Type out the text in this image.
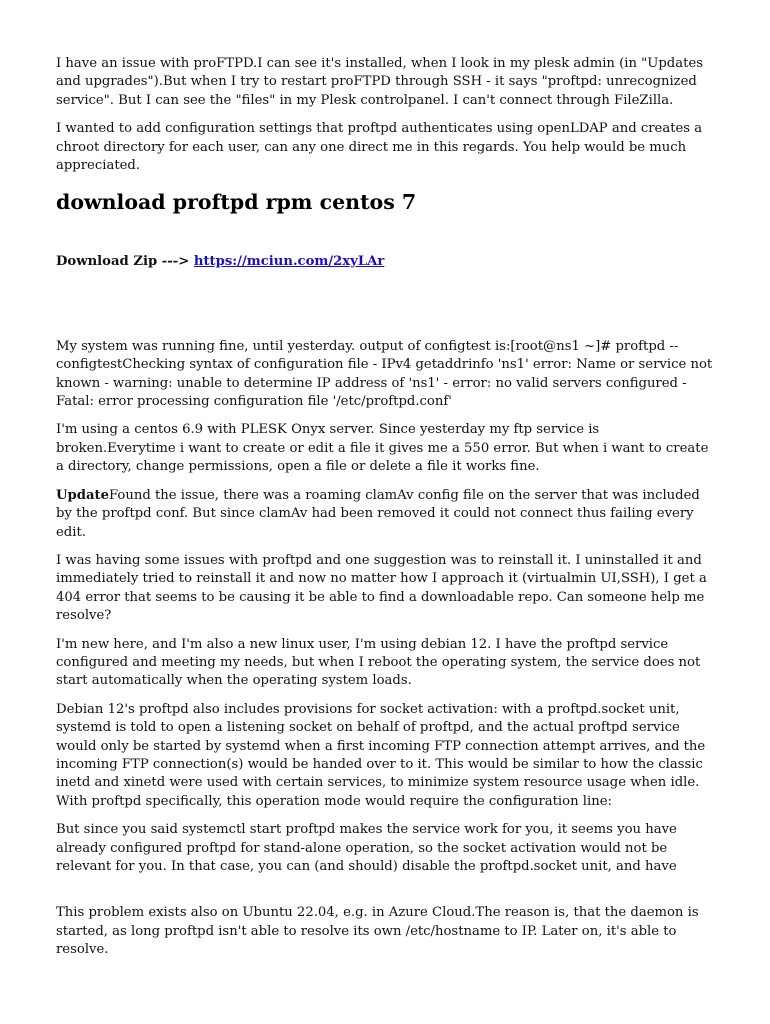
I have an issue with proFTPD.I can see it's installed, when I look in my plesk admin (in "Updates and upgrades").But when I try to restart proFTPD through SSH - it says "proftpd: unrecognized service". But I can see the "files" in my Plesk controlpanel. I can't connect through FileZilla.

I wanted to add configuration settings that proftpd authenticates using openLDAP and creates a chroot directory for each user, can any one direct me in this regards. You help would be much appreciated.

download proftpd rpm centos 7

Download Zip ---> https://mciun.com/2xyLAr

My system was running fine, until yesterday. output of configtest is:[root@ns1 ~]# proftpd --configtestChecking syntax of configuration file - IPv4 getaddrinfo 'ns1' error: Name or service not known - warning: unable to determine IP address of 'ns1' - error: no valid servers configured - Fatal: error processing configuration file '/etc/proftpd.conf'

I'm using a centos 6.9 with PLESK Onyx server. Since yesterday my ftp service is broken.Everytime i want to create or edit a file it gives me a 550 error. But when i want to create a directory, change permissions, open a file or delete a file it works fine.

UpdateFound the issue, there was a roaming clamAv config file on the server that was included by the proftpd conf. But since clamAv had been removed it could not connect thus failing every edit.

I was having some issues with proftpd and one suggestion was to reinstall it. I uninstalled it and immediately tried to reinstall it and now no matter how I approach it (virtualmin UI,SSH), I get a 404 error that seems to be causing it be able to find a downloadable repo. Can someone help me resolve?

I'm new here, and I'm also a new linux user, I'm using debian 12. I have the proftpd service configured and meeting my needs, but when I reboot the operating system, the service does not start automatically when the operating system loads.

Debian 12's proftpd also includes provisions for socket activation: with a proftpd.socket unit, systemd is told to open a listening socket on behalf of proftpd, and the actual proftpd service would only be started by systemd when a first incoming FTP connection attempt arrives, and the incoming FTP connection(s) would be handed over to it. This would be similar to how the classic inetd and xinetd were used with certain services, to minimize system resource usage when idle. With proftpd specifically, this operation mode would require the configuration line:

But since you said systemctl start proftpd makes the service work for you, it seems you have already configured proftpd for stand-alone operation, so the socket activation would not be relevant for you. In that case, you can (and should) disable the proftpd.socket unit, and have

This problem exists also on Ubuntu 22.04, e.g. in Azure Cloud.The reason is, that the daemon is started, as long proftpd isn't able to resolve its own /etc/hostname to IP. Later on, it's able to resolve.
